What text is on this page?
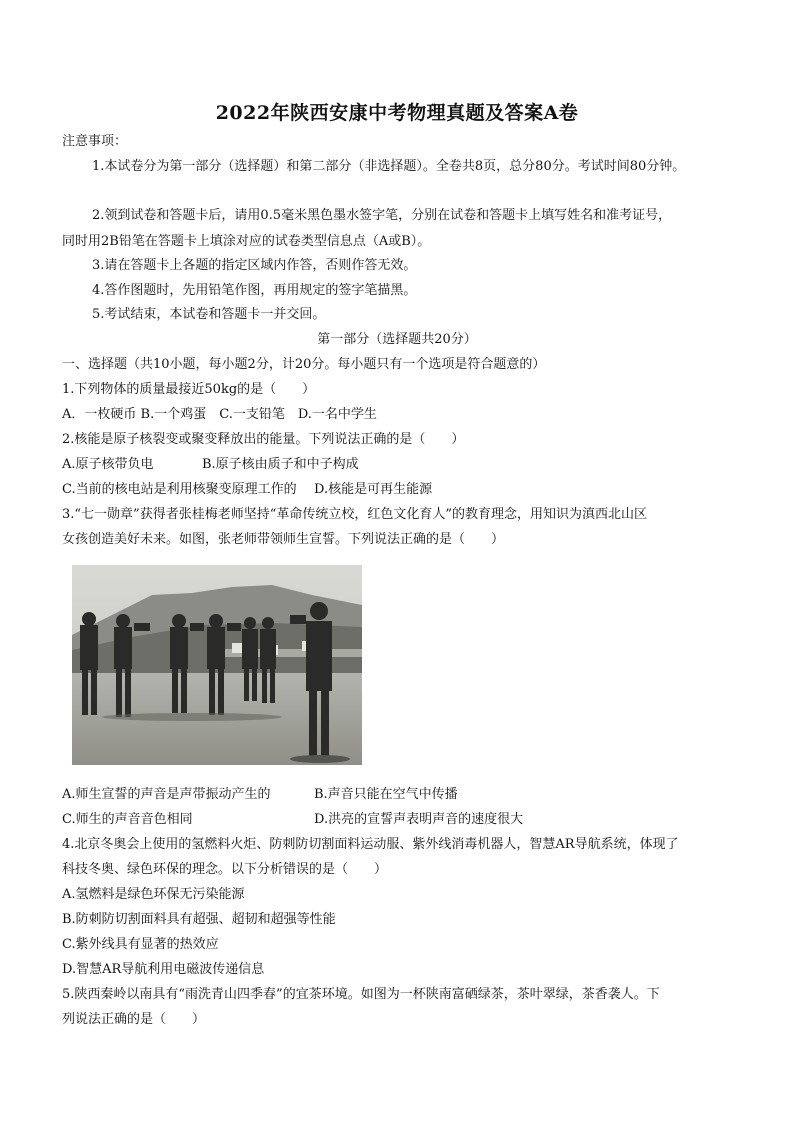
2022年陕西安康中考物理真题及答案A卷
注意事项：
1.本试卷分为第一部分（选择题）和第二部分（非选择题）。全卷共8页，总分80分。考试时间80分钟。
2.领到试卷和答题卡后，请用0.5毫米黑色墨水签字笔，分别在试卷和答题卡上填写姓名和准考证号，
同时用2B铅笔在答题卡上填涂对应的试卷类型信息点（A或B）。
3.请在答题卡上各题的指定区域内作答，否则作答无效。
4.答作图题时，先用铅笔作图，再用规定的签字笔描黑。
5.考试结束，本试卷和答题卡一并交回。
第一部分（选择题共20分）
一、选择题（共10小题，每小题2分，计20分。每小题只有一个选项是符合题意的）
1.下列物体的质量最接近50kg的是（　　）
A．一枚硬币 B.一个鸡蛋　C.一支铅笔　D.一名中学生
2.核能是原子核裂变或聚变释放出的能量。下列说法正确的是（　　）
A.原子核带负电	B.原子核由质子和中子构成
C.当前的核电站是利用核聚变原理工作的 D.核能是可再生能源
3.“七一勋章”获得者张桂梅老师坚持“革命传统立校，红色文化育人”的教育理念，用知识为滇西北山区
女孩创造美好未来。如图，张老师带领师生宣誓。下列说法正确的是（　　）
A.师生宣誓的声音是声带振动产生的	B.声音只能在空气中传播
C.师生的声音音色相同	D.洪亮的宣誓声表明声音的速度很大
4.北京冬奥会上使用的氢燃料火炬、防刺防切割面料运动服、紫外线消毒机器人，智慧AR导航系统，体现了
科技冬奥、绿色环保的理念。以下分析错误的是（　　）
A.氢燃料是绿色环保无污染能源
B.防刺防切割面料具有超强、超韧和超强等性能
C.紫外线具有显著的热效应
D.智慧AR导航利用电磁波传递信息
5.陕西秦岭以南具有“雨洗青山四季春”的宜茶环境。如图为一杯陕南富硒绿茶，茶叶翠绿，茶香袭人。下
列说法正确的是（　　）
